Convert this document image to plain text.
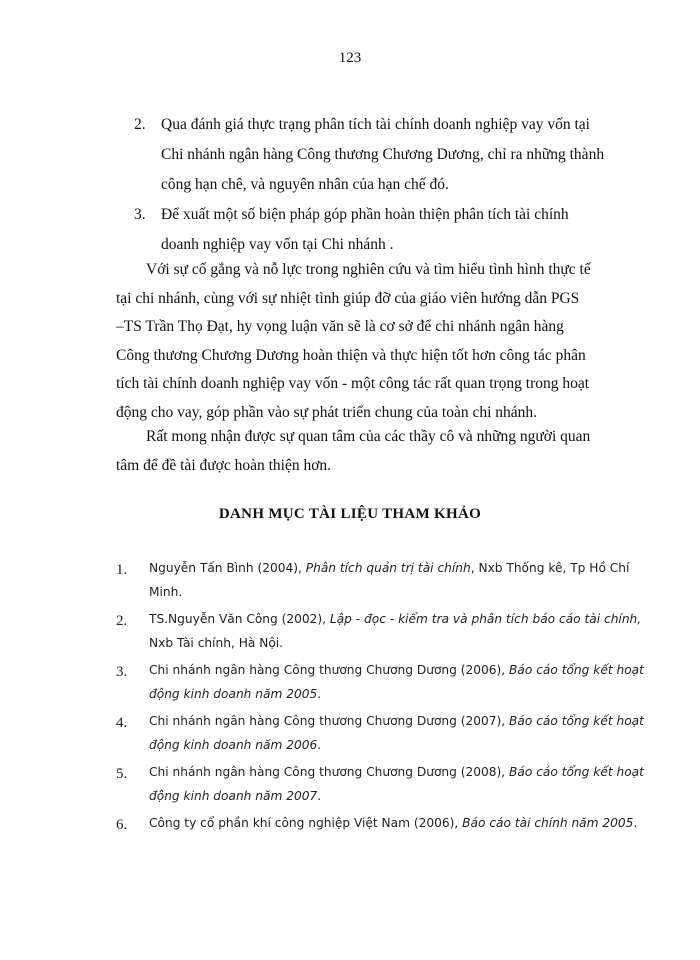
123
2. Qua đánh giá thực trạng phân tích tài chính doanh nghiệp vay vốn tại
Chi nhánh ngân hàng Công thương Chương Dương, chỉ ra những thành
công hạn chê, và nguyên nhân của hạn chế đó.
3. Để xuất một số biện pháp góp phần hoàn thiện phân tích tài chính
doanh nghiệp vay vốn tại Chi nhánh .
Với sự cố gắng và nỗ lực trong nghiên cứu và tìm hiểu tình hình thực tế
tại chi nhánh, cùng với sự nhiệt tình giúp đỡ của giáo viên hướng dẫn PGS
–TS Trần Thọ Đạt, hy vọng luận văn sẽ là cơ sở để chi nhánh ngân hàng
Công thương Chương Dương hoàn thiện và thực hiện tốt hơn công tác phân
tích tài chính doanh nghiệp vay vốn - một công tác rất quan trọng trong hoạt
động cho vay, góp phần vào sự phát triển chung của toàn chi nhánh.
Rất mong nhận được sự quan tâm của các thầy cô và những người quan
tâm để đề tài được hoàn thiện hơn.
DANH MỤC TÀI LIỆU THAM KHẢO
1. Nguyễn Tấn Bình (2004), Phân tích quản trị tài chính, Nxb Thống kê, Tp Hồ Chí Minh.
2. TS.Nguyễn Văn Công (2002), Lập - đọc - kiểm tra và phân tích báo cáo tài chính, Nxb Tài chính, Hà Nội.
3. Chi nhánh ngân hàng Công thương Chương Dương (2006), Báo cáo tổng kết hoạt động kinh doanh năm 2005.
4. Chi nhánh ngân hàng Công thương Chương Dương (2007), Báo cáo tổng kết hoạt động kinh doanh năm 2006.
5. Chi nhánh ngân hàng Công thương Chương Dương (2008), Báo cáo tổng kết hoạt động kinh doanh năm 2007.
6. Công ty cổ phần khí công nghiệp Việt Nam (2006), Báo cáo tài chính năm 2005.
